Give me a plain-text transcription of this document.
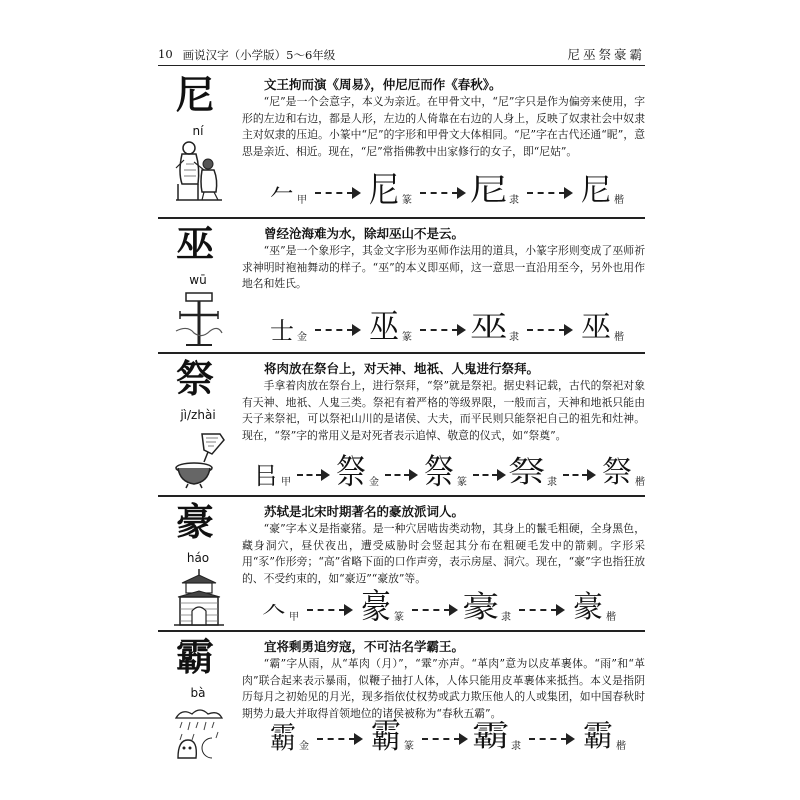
10 画说汉字（小学版）5～6年级	尼巫祭豪霸
尼
ní
文王拘而演《周易》，仲尼厄而作《春秋》。
“尼”是一个会意字，本义为亲近。在甲骨文中，“尼”字只是作为偏旁来使用，字形的左边和右边，都是人形，左边的人倚靠在右边的人身上，反映了奴隶社会中奴隶主对奴隶的压迫。小篆中“尼”的字形和甲骨文大体相同。“尼”字在古代还通“昵”，意思是亲近、相近。现在，“尼”常指佛教中出家修行的女子，即“尼姑”。
𠂉 甲 尼 篆 尼 隶 尼 楷
巫
wū
曾经沧海难为水，除却巫山不是云。
“巫”是一个象形字，其金文字形为巫师作法用的道具，小篆字形则变成了巫师祈求神明时袍袖舞动的样子。“巫”的本义即巫师，这一意思一直沿用至今，另外也用作地名和姓氏。
士 金 巫 篆 巫 隶 巫 楷
祭
jì/zhài
将肉放在祭台上，对天神、地祇、人鬼进行祭拜。
手拿着肉放在祭台上，进行祭拜，“祭”就是祭祀。据史料记载，古代的祭祀对象有天神、地祇、人鬼三类。祭祀有着严格的等级界限，一般而言，天神和地祇只能由天子来祭祀，可以祭祀山川的是诸侯、大夫，而平民则只能祭祀自己的祖先和灶神。现在，“祭”字的常用义是对死者表示追悼、敬意的仪式，如“祭奠”。
㠯 甲 祭 金 祭 篆 祭 隶 祭 楷
豪
háo
苏轼是北宋时期著名的豪放派词人。
“豪”字本义是指豪猪。是一种穴居啮齿类动物，其身上的鬣毛粗硬，全身黑色，藏身洞穴，昼伏夜出，遭受威胁时会竖起其分布在粗硬毛发中的箭刺。字形采用“豕”作形旁；“高”省略下面的口作声旁，表示房屋、洞穴。现在，“豪”字也指狂放的、不受约束的，如“豪迈”“豪放”等。
𠆢 甲 豪 篆 豪 隶 豪 楷
霸
bà
宜将剩勇追穷寇，不可沽名学霸王。
“霸”字从雨，从“革肉（月）”，“䨣”亦声。“革肉”意为以皮革裹体。“雨”和“革肉”联合起来表示暴雨，似鞭子抽打人体，人体只能用皮革裹体来抵挡。本义是指阴历每月之初始见的月光，现多指依仗权势或武力欺压他人的人或集团，如中国春秋时期势力最大并取得首领地位的诸侯被称为“春秋五霸”。
霸 金 霸 篆 霸 隶 霸 楷
